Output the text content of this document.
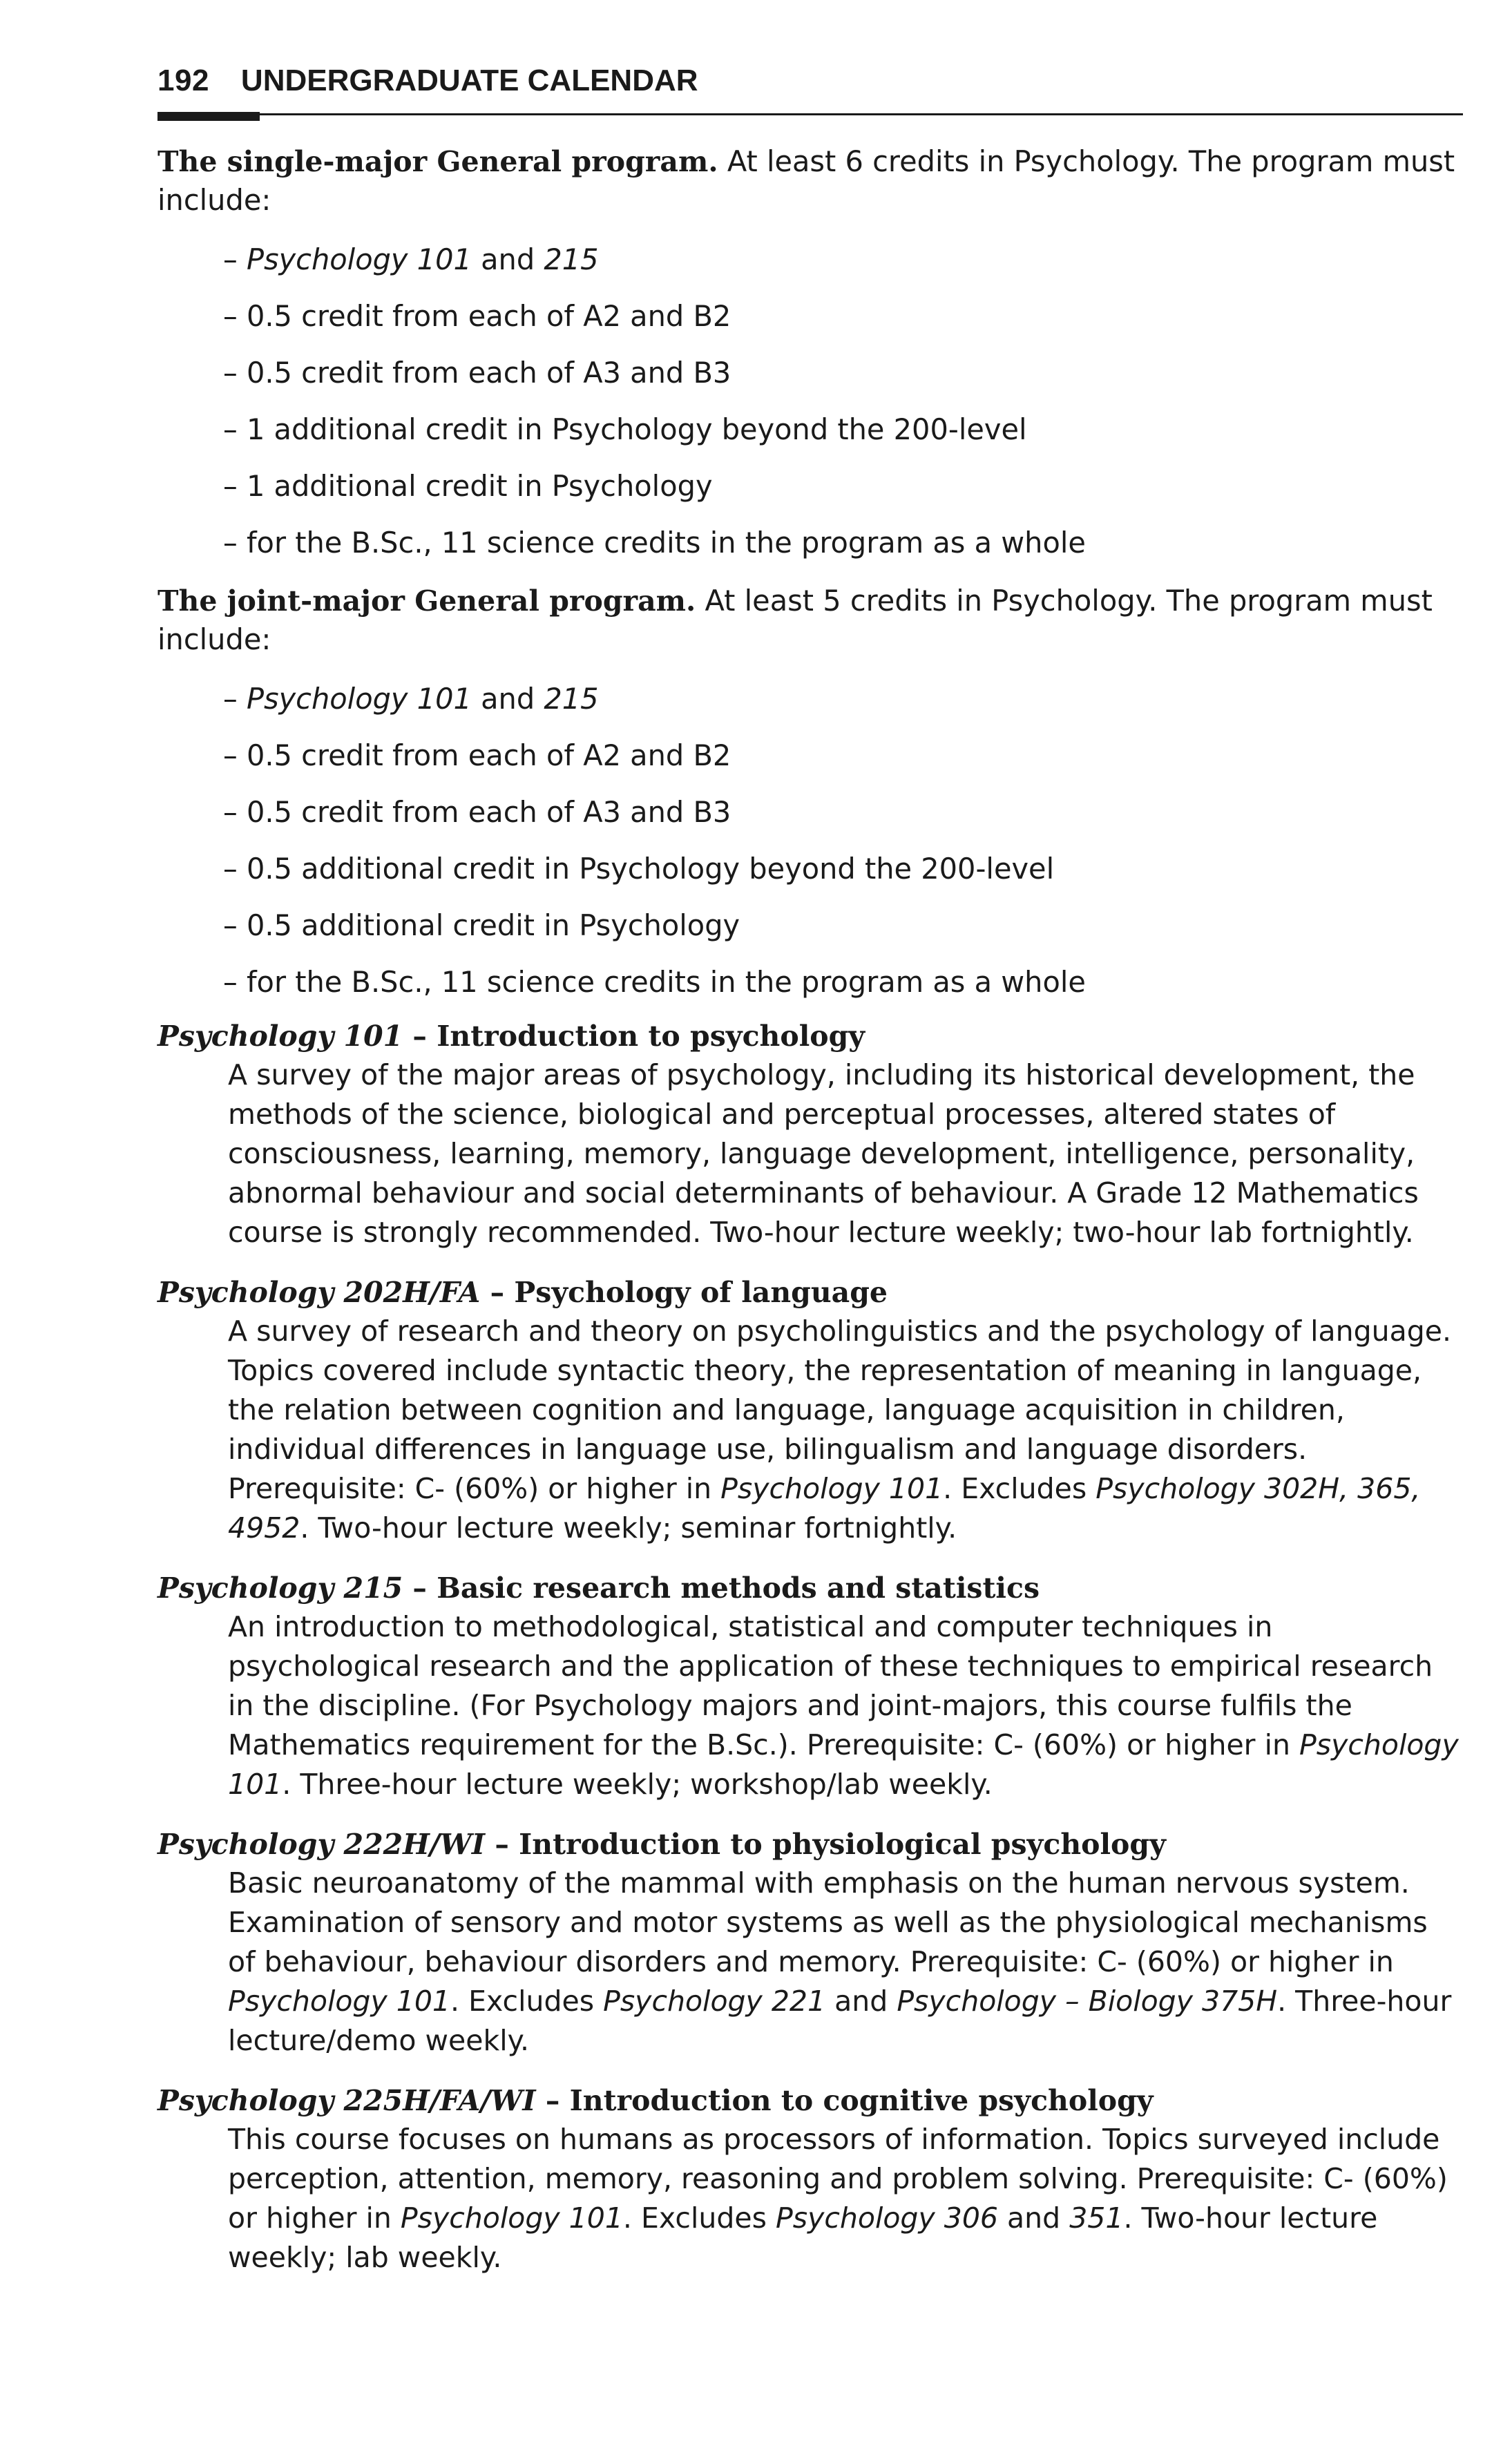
192 UNDERGRADUATE CALENDAR
The single-major General program. At least 6 credits in Psychology. The program must include:
– Psychology 101 and 215
– 0.5 credit from each of A2 and B2
– 0.5 credit from each of A3 and B3
– 1 additional credit in Psychology beyond the 200-level
– 1 additional credit in Psychology
– for the B.Sc., 11 science credits in the program as a whole
The joint-major General program. At least 5 credits in Psychology. The program must include:
– Psychology 101 and 215
– 0.5 credit from each of A2 and B2
– 0.5 credit from each of A3 and B3
– 0.5 additional credit in Psychology beyond the 200-level
– 0.5 additional credit in Psychology
– for the B.Sc., 11 science credits in the program as a whole
Psychology 101 – Introduction to psychology
A survey of the major areas of psychology, including its historical development, the methods of the science, biological and perceptual processes, altered states of consciousness, learning, memory, language development, intelligence, personality, abnormal behaviour and social determinants of behaviour. A Grade 12 Mathematics course is strongly recommended. Two-hour lecture weekly; two-hour lab fortnightly.
Psychology 202H/FA – Psychology of language
A survey of research and theory on psycholinguistics and the psychology of language. Topics covered include syntactic theory, the representation of meaning in language, the relation between cognition and language, language acquisition in children, individual differences in language use, bilingualism and language disorders. Prerequisite: C- (60%) or higher in Psychology 101. Excludes Psychology 302H, 365, 4952. Two-hour lecture weekly; seminar fortnightly.
Psychology 215 – Basic research methods and statistics
An introduction to methodological, statistical and computer techniques in psychological research and the application of these techniques to empirical research in the discipline. (For Psychology majors and joint-majors, this course fulfils the Mathematics requirement for the B.Sc.). Prerequisite: C- (60%) or higher in Psychology 101. Three-hour lecture weekly; workshop/lab weekly.
Psychology 222H/WI – Introduction to physiological psychology
Basic neuroanatomy of the mammal with emphasis on the human nervous system. Examination of sensory and motor systems as well as the physiological mechanisms of behaviour, behaviour disorders and memory. Prerequisite: C- (60%) or higher in Psychology 101. Excludes Psychology 221 and Psychology – Biology 375H. Three-hour lecture/demo weekly.
Psychology 225H/FA/WI – Introduction to cognitive psychology
This course focuses on humans as processors of information. Topics surveyed include perception, attention, memory, reasoning and problem solving. Prerequisite: C- (60%) or higher in Psychology 101. Excludes Psychology 306 and 351. Two-hour lecture weekly; lab weekly.
